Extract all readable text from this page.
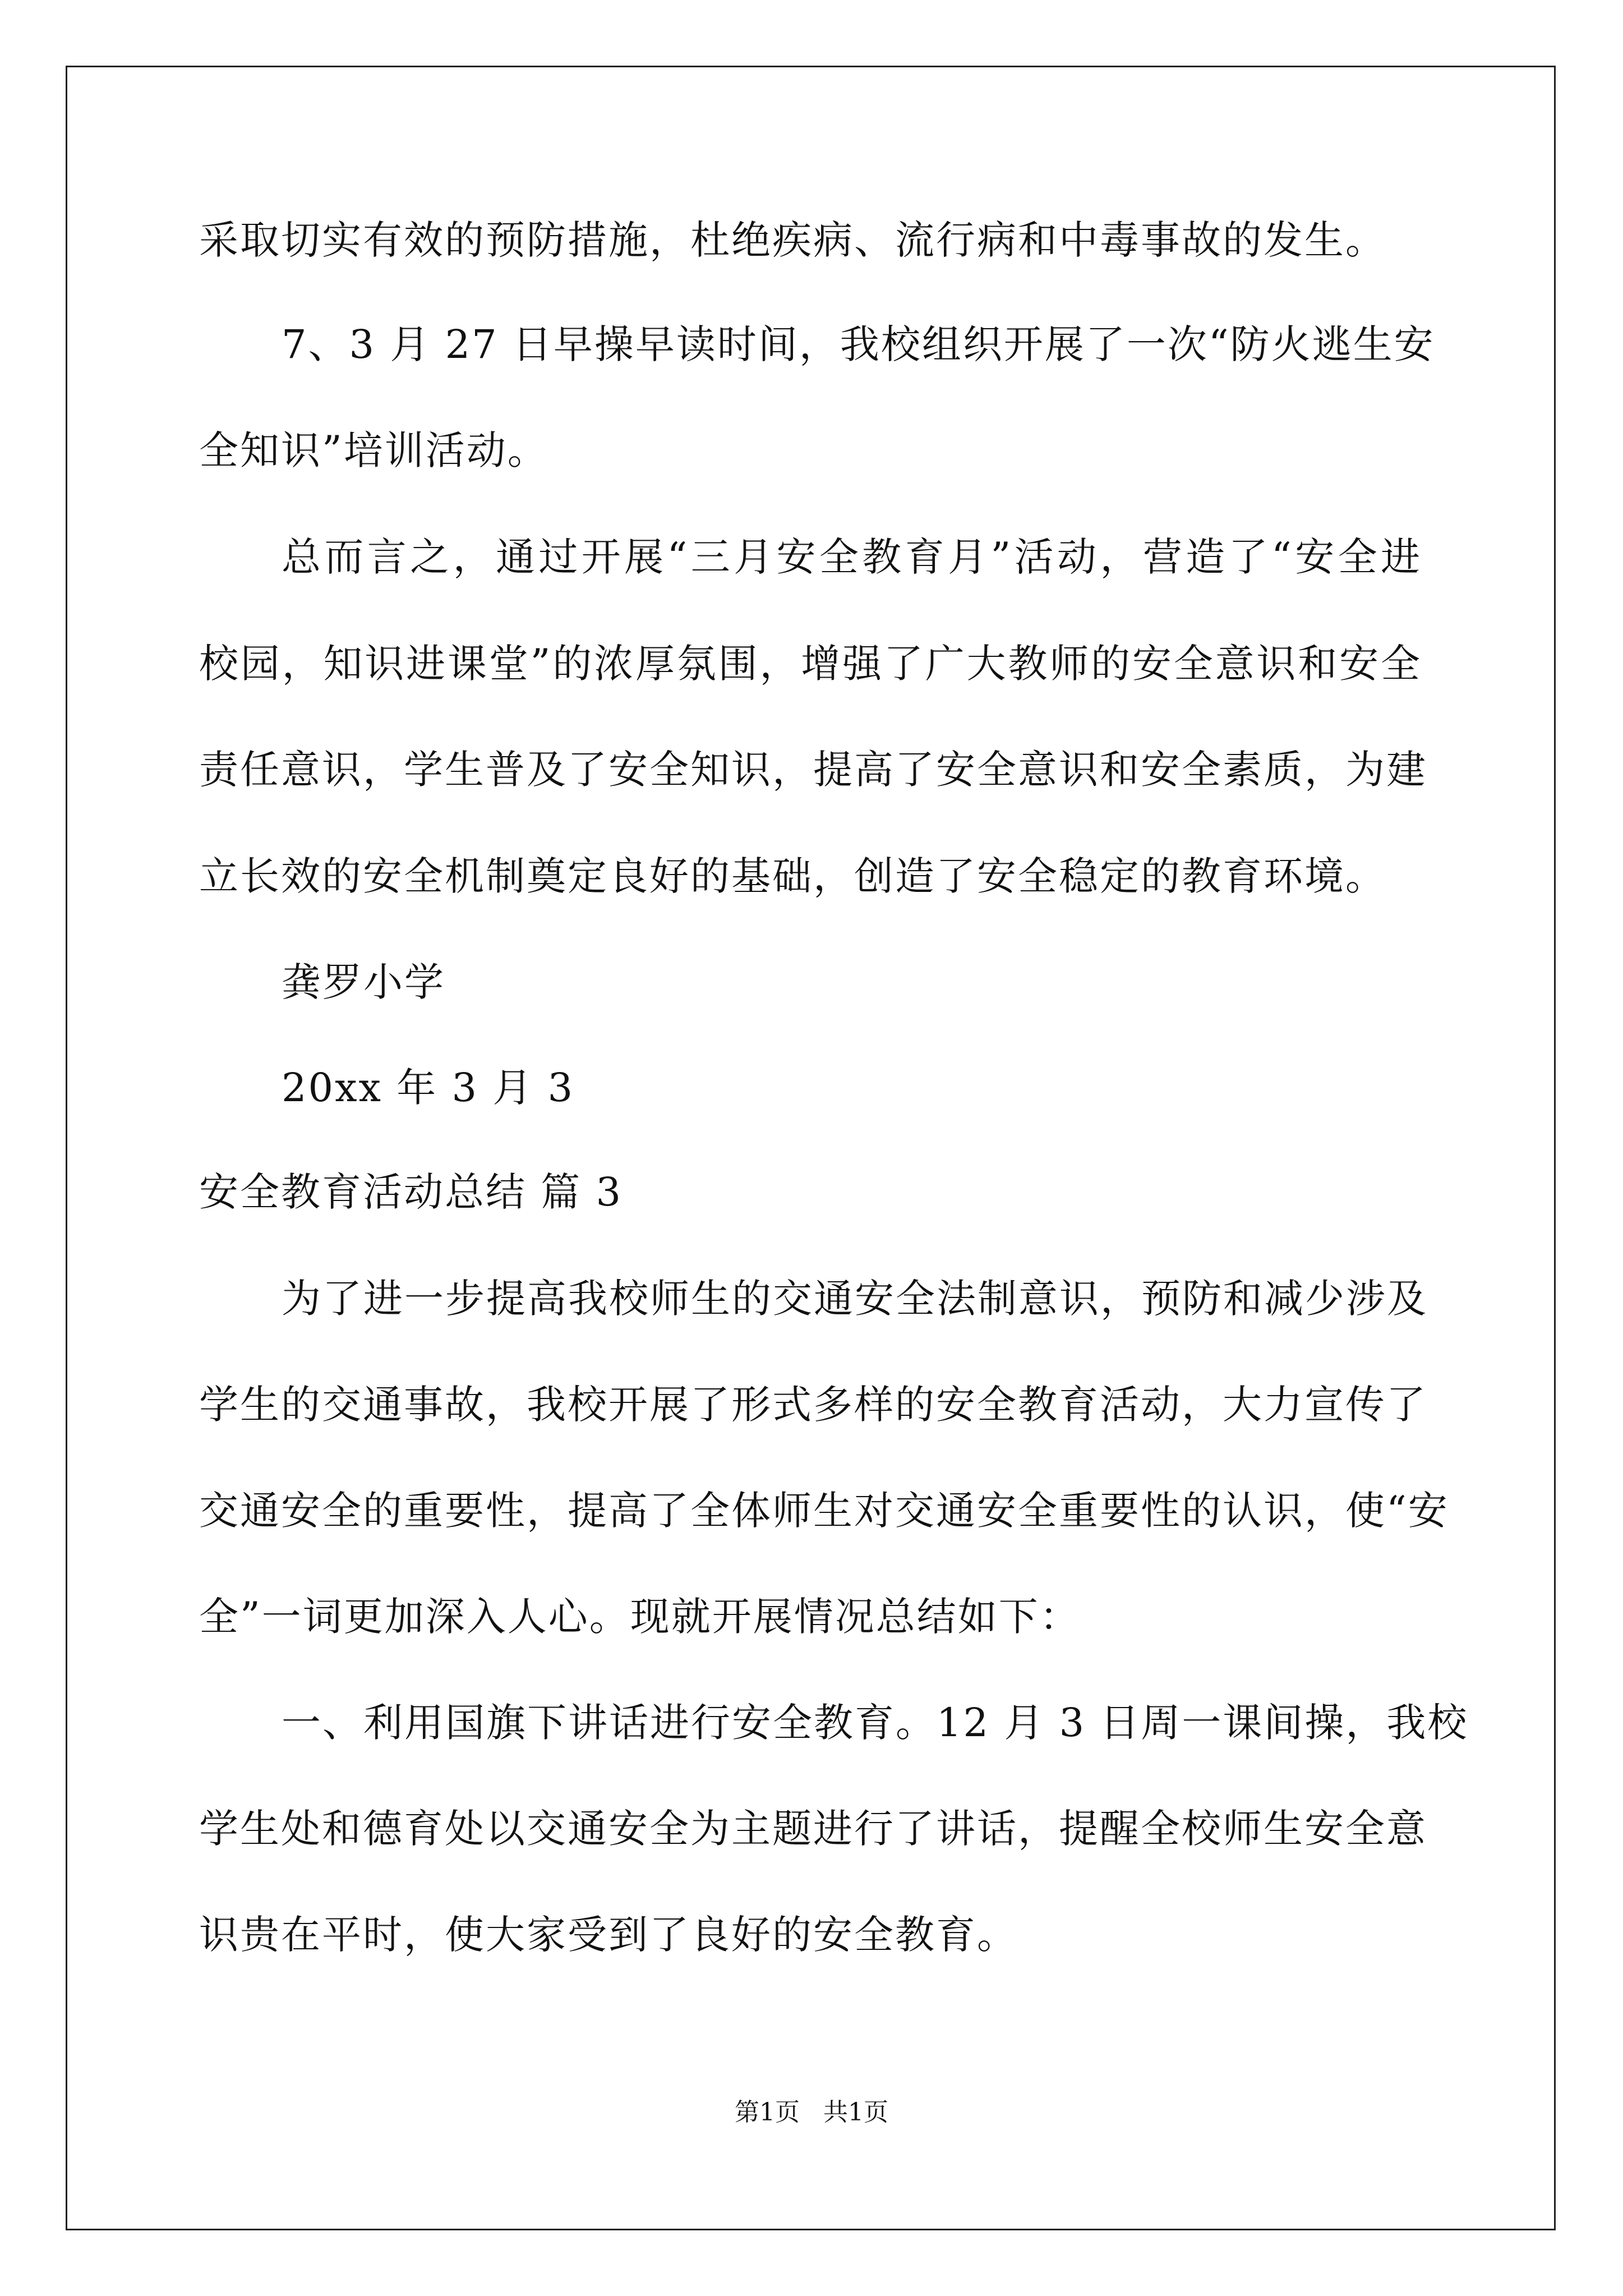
采取切实有效的预防措施，杜绝疾病、流行病和中毒事故的发生。
7、3 月 27 日早操早读时间，我校组织开展了一次“防火逃生安
全知识”培训活动。
总而言之，通过开展“三月安全教育月”活动，营造了“安全进
校园，知识进课堂”的浓厚氛围，增强了广大教师的安全意识和安全
责任意识，学生普及了安全知识，提高了安全意识和安全素质，为建
立长效的安全机制奠定良好的基础，创造了安全稳定的教育环境。
龚罗小学
20xx 年 3 月 3
安全教育活动总结 篇 3
为了进一步提高我校师生的交通安全法制意识，预防和减少涉及
学生的交通事故，我校开展了形式多样的安全教育活动，大力宣传了
交通安全的重要性，提高了全体师生对交通安全重要性的认识，使“安
全”一词更加深入人心。现就开展情况总结如下：
一、利用国旗下讲话进行安全教育。12 月 3 日周一课间操，我校
学生处和德育处以交通安全为主题进行了讲话，提醒全校师生安全意
识贵在平时，使大家受到了良好的安全教育。
第1页 共1页
